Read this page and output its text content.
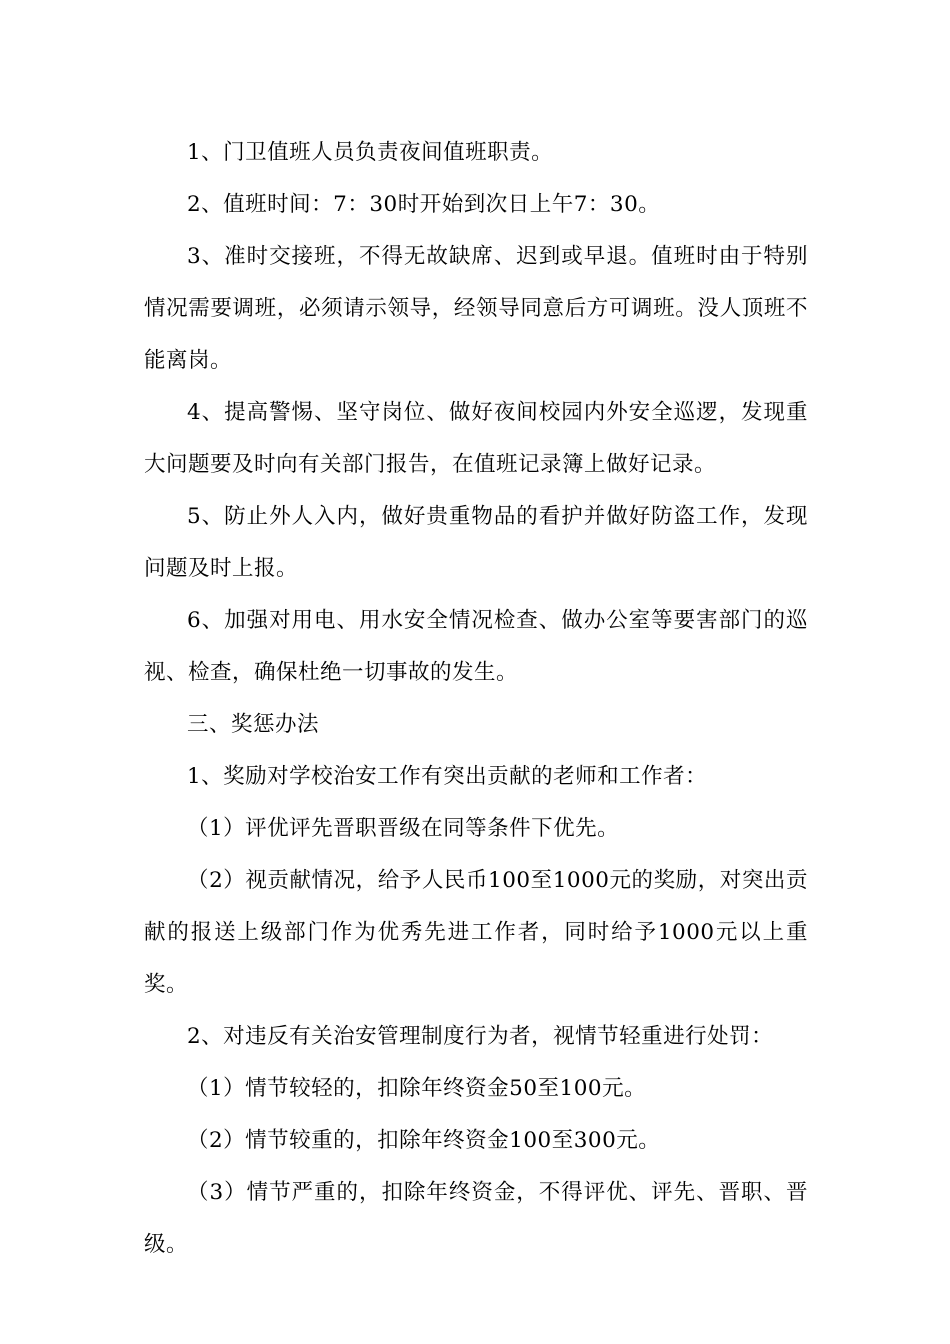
1、门卫值班人员负责夜间值班职责。

2、值班时间：7：30时开始到次日上午7：30。

3、准时交接班，不得无故缺席、迟到或早退。值班时由于特别情况需要调班，必须请示领导，经领导同意后方可调班。没人顶班不能离岗。

4、提高警惕、坚守岗位、做好夜间校园内外安全巡逻，发现重大问题要及时向有关部门报告，在值班记录簿上做好记录。

5、防止外人入内，做好贵重物品的看护并做好防盗工作，发现问题及时上报。

6、加强对用电、用水安全情况检查、做办公室等要害部门的巡视、检查，确保杜绝一切事故的发生。

三、奖惩办法

1、奖励对学校治安工作有突出贡献的老师和工作者：

（1）评优评先晋职晋级在同等条件下优先。

（2）视贡献情况，给予人民币100至1000元的奖励，对突出贡献的报送上级部门作为优秀先进工作者，同时给予1000元以上重奖。

2、对违反有关治安管理制度行为者，视情节轻重进行处罚：

（1）情节较轻的，扣除年终资金50至100元。

（2）情节较重的，扣除年终资金100至300元。

（3）情节严重的，扣除年终资金，不得评优、评先、晋职、晋级。
